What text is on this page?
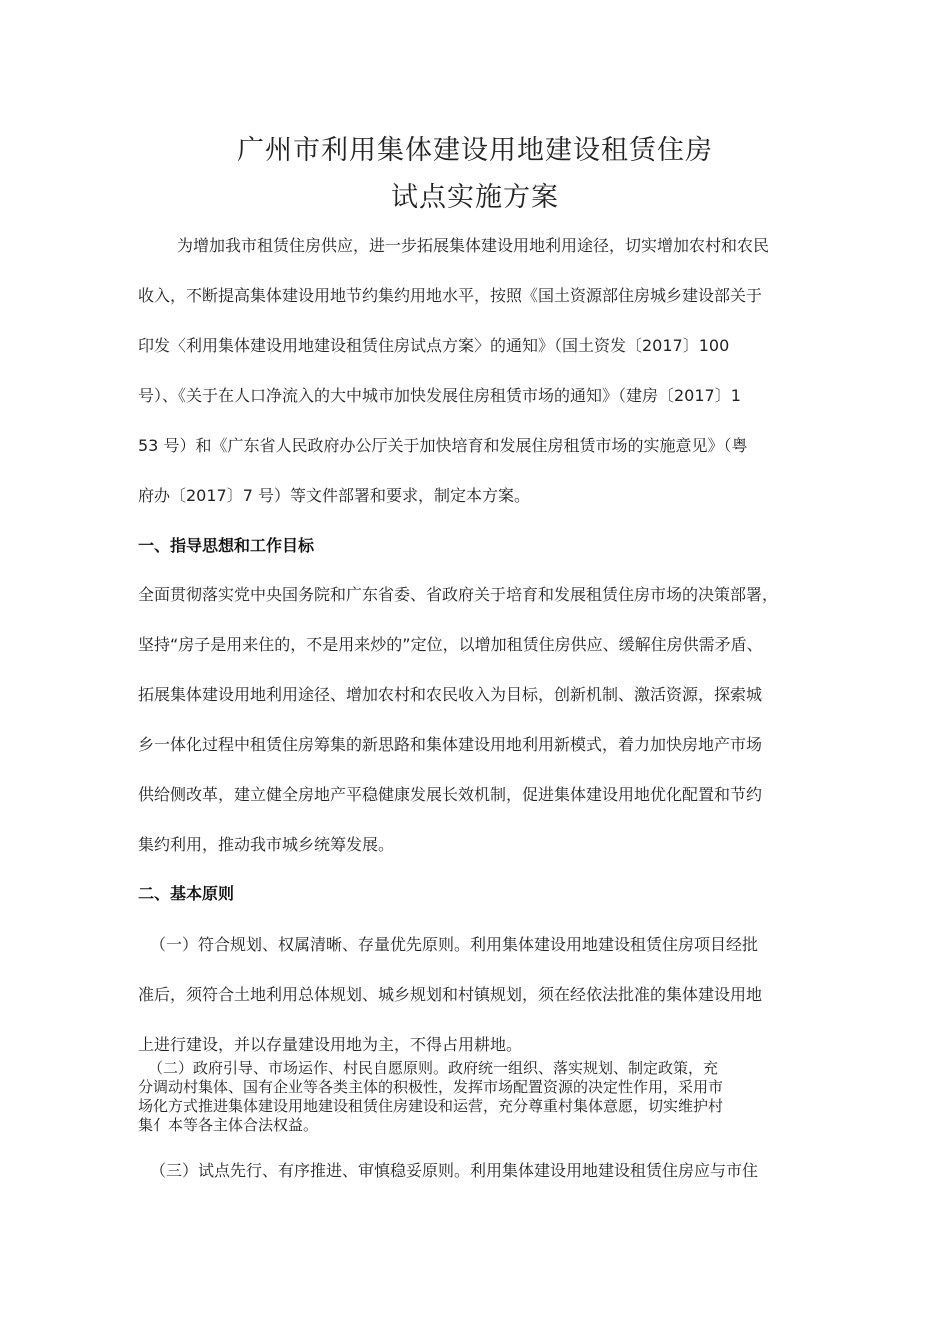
广州市利用集体建设用地建设租赁住房
试点实施方案

为增加我市租赁住房供应，进一步拓展集体建设用地利用途径，切实增加农村和农民

收入，不断提高集体建设用地节约集约用地水平，按照《国土资源部住房城乡建设部关于

印发〈利用集体建设用地建设租赁住房试点方案〉的通知》（国土资发〔2017〕100

号）、《关于在人口净流入的大中城市加快发展住房租赁市场的通知》（建房〔2017〕1

53 号）和《广东省人民政府办公厅关于加快培育和发展住房租赁市场的实施意见》（粤

府办〔2017〕7 号）等文件部署和要求，制定本方案。

一、指导思想和工作目标

全面贯彻落实党中央国务院和广东省委、省政府关于培育和发展租赁住房市场的决策部署，

坚持“房子是用来住的，不是用来炒的”定位，以增加租赁住房供应、缓解住房供需矛盾、

拓展集体建设用地利用途径、增加农村和农民收入为目标，创新机制、激活资源，探索城

乡一体化过程中租赁住房筹集的新思路和集体建设用地利用新模式，着力加快房地产市场

供给侧改革，建立健全房地产平稳健康发展长效机制，促进集体建设用地优化配置和节约

集约利用，推动我市城乡统筹发展。

二、基本原则

（一）符合规划、权属清晰、存量优先原则。利用集体建设用地建设租赁住房项目经批

准后，须符合土地利用总体规划、城乡规划和村镇规划，须在经依法批准的集体建设用地

上进行建设，并以存量建设用地为主，不得占用耕地。

（二）政府引导、市场运作、村民自愿原则。政府统一组织、落实规划、制定政策，充

分调动村集体、国有企业等各类主体的积极性，发挥市场配置资源的决定性作用，采用市

场化方式推进集体建设用地建设租赁住房建设和运营，充分尊重村集体意愿，切实维护村

集亻本等各主体合法权益。

（三）试点先行、有序推进、审慎稳妥原则。利用集体建设用地建设租赁住房应与市住
